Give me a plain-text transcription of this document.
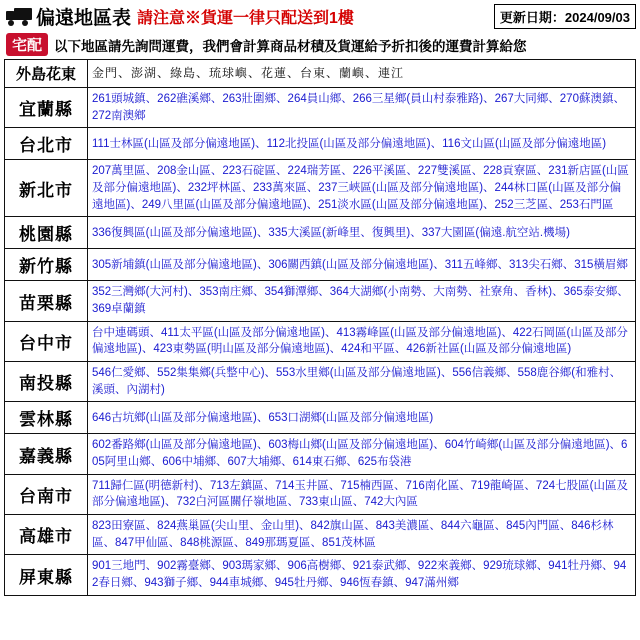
偏遠地區表 請注意※貨運一律只配送到1樓	更新日期：2024/09/03
宅配 以下地區請先詢問運費，我們會計算商品材積及貨運給予折扣後的運費計算給您
外島花東	金門、澎湖、綠島、琉球嶼、花蓮、台東、蘭嶼、連江
宜蘭縣	261頭城鎮、262礁溪鄉、263壯圍鄉、264員山鄉、266三星鄉(員山村泰雅路)、267大同鄉、270蘇澳鎮、272南澳鄉
台北市	111士林區(山區及部分偏遠地區)、112北投區(山區及部分偏遠地區)、116文山區(山區及部分偏遠地區)
新北市	207萬里區、208金山區、223石碇區、224瑞芳區、226平溪區、227雙溪區、228貢寮區、231新店區(山區及部分偏遠地區)、232坪林區、233萬來區、237三峽區(山區及部分偏遠地區)、244林口區(山區及部分偏遠地區)、249八里區(山區及部分偏遠地區)、251淡水區(山區及部分偏遠地區)、252三芝區、253石門區
桃園縣	336復興區(山區及部分偏遠地區)、335大溪區(新峰里、復興里)、337大園區(偏遠.航空站.機場)
新竹縣	305新埔鎮(山區及部分偏遠地區)、306關西鎮(山區及部分偏遠地區)、311五峰鄉、313尖石鄉、315橫眉鄉
苗栗縣	352三灣鄉(大河村)、353南庄鄉、354獅潭鄉、364大湖鄉(小南勢、大南勢、社寮角、香林)、365泰安鄉、369卓蘭鎮
台中市	台中連碼頭、411太平區(山區及部分偏遠地區)、413霧峰區(山區及部分偏遠地區)、422石岡區(山區及部分偏遠地區)、423東勢區(明山區及部分偏遠地區)、424和平區、426新社區(山區及部分偏遠地區)
南投縣	546仁愛鄉、552集集鄉(兵整中心)、553水里鄉(山區及部分偏遠地區)、556信義鄉、558鹿谷鄉(和雅村、溪頭、內湖村)
雲林縣	646古坑鄉(山區及部分偏遠地區)、653口湖鄉(山區及部分偏遠地區)
嘉義縣	602番路鄉(山區及部分偏遠地區)、603梅山鄉(山區及部分偏遠地區)、604竹崎鄉(山區及部分偏遠地區)、605阿里山鄉、606中埔鄉、607大埔鄉、614東石鄉、625布袋港
台南市	711歸仁區(明德新村)、713左鎮區、714玉井區、715楠西區、716南化區、719龍崎區、724七股區(山區及部分偏遠地區)、732白河區關仔嶺地區、733東山區、742大內區
高雄市	823田寮區、824燕巢區(尖山里、金山里)、842旗山區、843美濃區、844六龜區、845內門區、846杉林區、847甲仙區、848桃源區、849那瑪夏區、851茂林區
屏東縣	901三地門、902霧臺鄉、903瑪家鄉、906高樹鄉、921泰武鄉、922來義鄉、929琉球鄉、941牡丹鄉、942春日鄉、943獅子鄉、944車城鄉、945牡丹鄉、946恆春鎮、947滿州鄉
